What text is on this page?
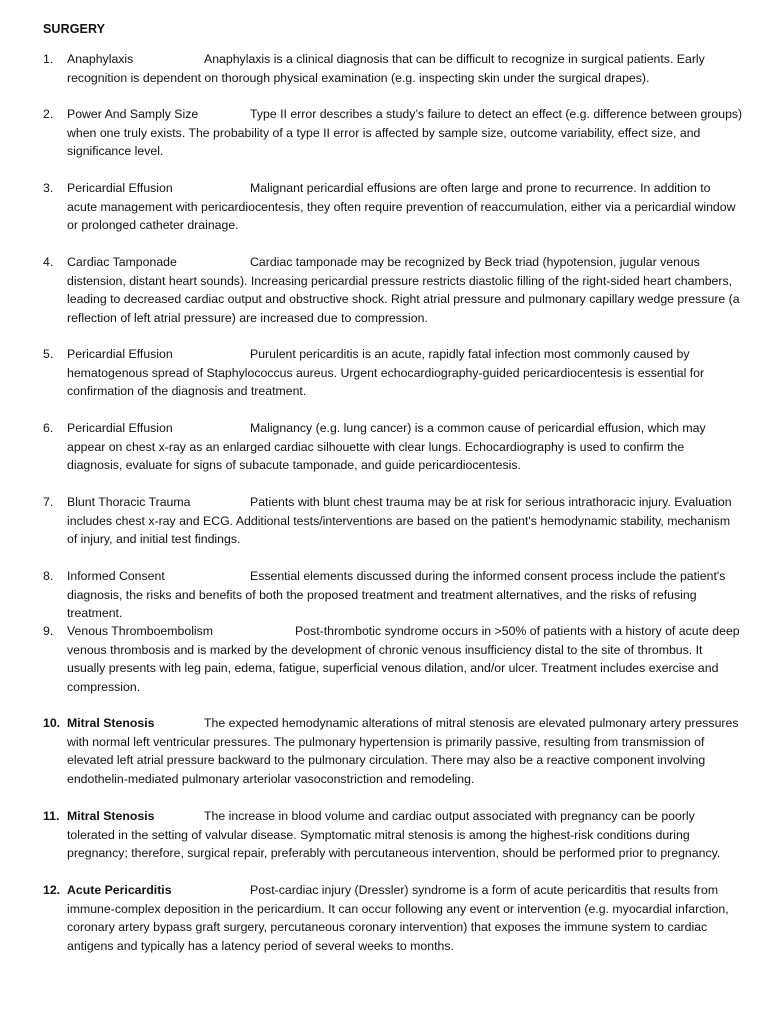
SURGERY
1.	Anaphylaxis	Anaphylaxis is a clinical diagnosis that can be difficult to recognize in surgical patients. Early recognition is dependent on thorough physical examination (e.g. inspecting skin under the surgical drapes).
2.	Power And Samply Size	Type II error describes a study’s failure to detect an effect (e.g. difference between groups) when one truly exists. The probability of a type II error is affected by sample size, outcome variability, effect size, and significance level.
3.	Pericardial Effusion	Malignant pericardial effusions are often large and prone to recurrence. In addition to acute management with pericardiocentesis, they often require prevention of reaccumulation, either via a pericardial window or prolonged catheter drainage.
4.	Cardiac Tamponade	Cardiac tamponade may be recognized by Beck triad (hypotension, jugular venous distension, distant heart sounds). Increasing pericardial pressure restricts diastolic filling of the right-sided heart chambers, leading to decreased cardiac output and obstructive shock. Right atrial pressure and pulmonary capillary wedge pressure (a reflection of left atrial pressure) are increased due to compression.
5.	Pericardial Effusion	Purulent pericarditis is an acute, rapidly fatal infection most commonly caused by hematogenous spread of Staphylococcus aureus. Urgent echocardiography-guided pericardiocentesis is essential for confirmation of the diagnosis and treatment.
6.	Pericardial Effusion	Malignancy (e.g. lung cancer) is a common cause of pericardial effusion, which may appear on chest x-ray as an enlarged cardiac silhouette with clear lungs. Echocardiography is used to confirm the diagnosis, evaluate for signs of subacute tamponade, and guide pericardiocentesis.
7.	Blunt Thoracic Trauma	Patients with blunt chest trauma may be at risk for serious intrathoracic injury. Evaluation includes chest x-ray and ECG. Additional tests/interventions are based on the patient's hemodynamic stability, mechanism of injury, and initial test findings.
8.	Informed Consent	Essential elements discussed during the informed consent process include the patient's diagnosis, the risks and benefits of both the proposed treatment and treatment alternatives, and the risks of refusing treatment.
9.	Venous Thromboembolism	Post-thrombotic syndrome occurs in >50% of patients with a history of acute deep venous thrombosis and is marked by the development of chronic venous insufficiency distal to the site of thrombus. It usually presents with leg pain, edema, fatigue, superficial venous dilation, and/or ulcer. Treatment includes exercise and compression.
10. Mitral Stenosis	The expected hemodynamic alterations of mitral stenosis are elevated pulmonary artery pressures with normal left ventricular pressures. The pulmonary hypertension is primarily passive, resulting from transmission of elevated left atrial pressure backward to the pulmonary circulation. There may also be a reactive component involving endothelin-mediated pulmonary arteriolar vasoconstriction and remodeling.
11. Mitral Stenosis	The increase in blood volume and cardiac output associated with pregnancy can be poorly tolerated in the setting of valvular disease. Symptomatic mitral stenosis is among the highest-risk conditions during pregnancy; therefore, surgical repair, preferably with percutaneous intervention, should be performed prior to pregnancy.
12. Acute Pericarditis	Post-cardiac injury (Dressler) syndrome is a form of acute pericarditis that results from immune-complex deposition in the pericardium. It can occur following any event or intervention (e.g. myocardial infarction, coronary artery bypass graft surgery, percutaneous coronary intervention) that exposes the immune system to cardiac antigens and typically has a latency period of several weeks to months.
